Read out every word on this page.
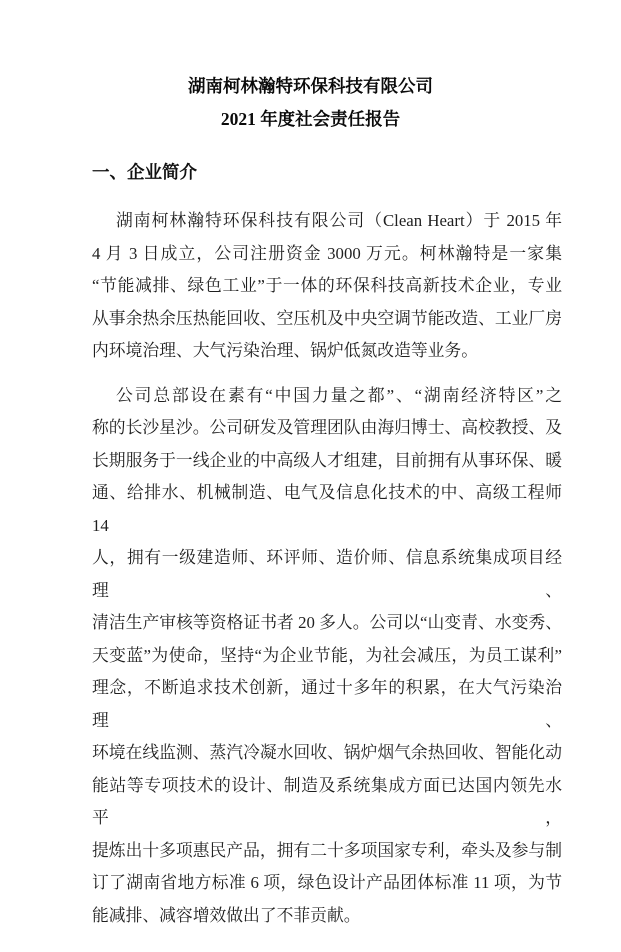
湖南柯林瀚特环保科技有限公司
2021 年度社会责任报告
一、企业简介
湖南柯林瀚特环保科技有限公司（Clean Heart）于 2015 年
4 月 3 日成立，公司注册资金 3000 万元。柯林瀚特是一家集
“节能减排、绿色工业”于一体的环保科技高新技术企业，专业
从事余热余压热能回收、空压机及中央空调节能改造、工业厂房
内环境治理、大气污染治理、锅炉低氮改造等业务。
公司总部设在素有“中国力量之都”、“湖南经济特区”之
称的长沙星沙。公司研发及管理团队由海归博士、高校教授、及
长期服务于一线企业的中高级人才组建，目前拥有从事环保、暖
通、给排水、机械制造、电气及信息化技术的中、高级工程师 14
人，拥有一级建造师、环评师、造价师、信息系统集成项目经理、
清洁生产审核等资格证书者 20 多人。公司以“山变青、水变秀、
天变蓝”为使命，坚持“为企业节能，为社会减压，为员工谋利”
理念，不断追求技术创新，通过十多年的积累，在大气污染治理、
环境在线监测、蒸汽冷凝水回收、锅炉烟气余热回收、智能化动
能站等专项技术的设计、制造及系统集成方面已达国内领先水平，
提炼出十多项惠民产品，拥有二十多项国家专利，牵头及参与制
订了湖南省地方标准 6 项，绿色设计产品团体标准 11 项，为节
能减排、减容增效做出了不菲贡献。
